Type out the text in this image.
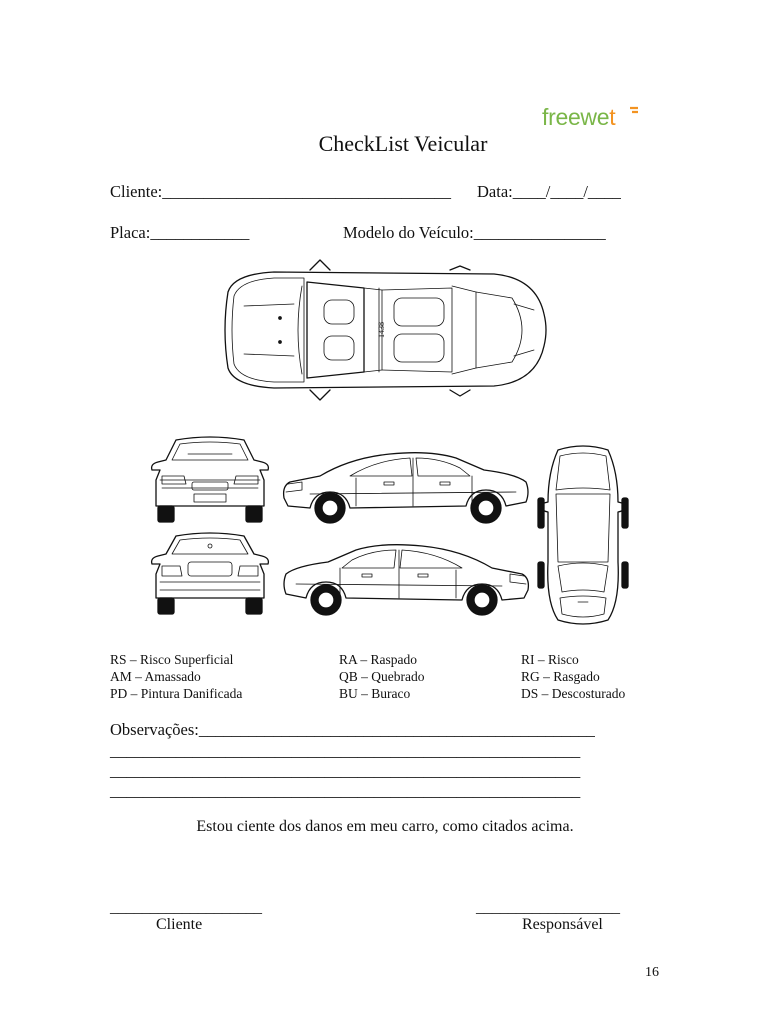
freewet
CheckList Veicular
Cliente:___________________________________ Data:____/____/____
Placa:____________	Modelo do Veículo:________________
1438
RS – Risco Superficial
AM – Amassado
PD – Pintura Danificada
RA – Raspado
QB – Quebrado
BU – Buraco
RI – Risco
RG – Rasgado
DS – Descosturado
Observações:________________________________________________
_________________________________________________________
_________________________________________________________
_________________________________________________________
Estou ciente dos danos em meu carro, como citados acima.
___________________
Cliente
__________________
Responsável
16
